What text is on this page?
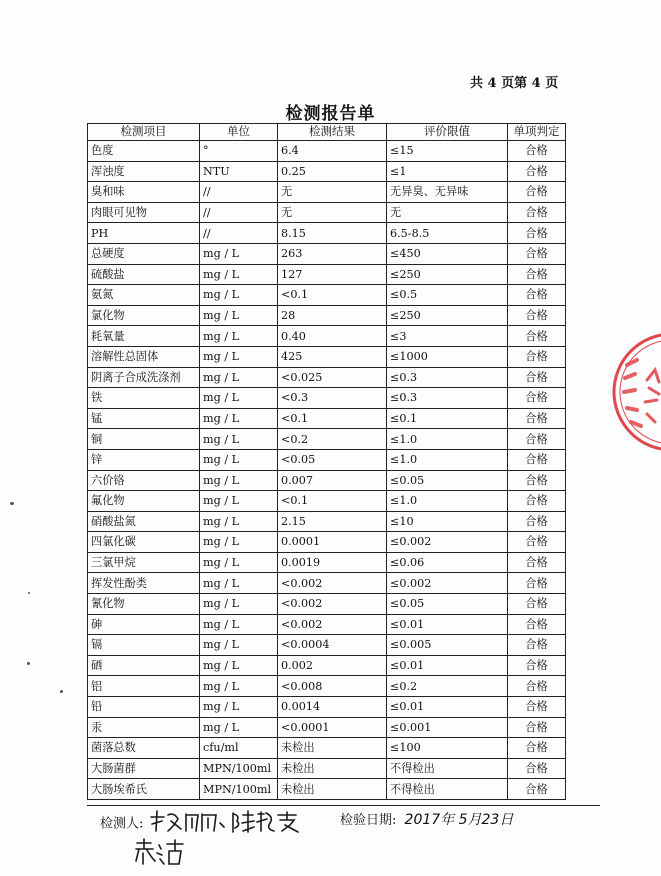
共 4 页第 4 页
检测报告单
检测项目	单位	检测结果	评价限值	单项判定
色度	°	6.4	≤15	合格
浑浊度	NTU	0.25	≤1	合格
臭和味	//	无	无异臭、无异味	合格
肉眼可见物	//	无	无	合格
PH	//	8.15	6.5-8.5	合格
总硬度	mg / L	263	≤450	合格
硫酸盐	mg / L	127	≤250	合格
氨氮	mg / L	<0.1	≤0.5	合格
氯化物	mg / L	28	≤250	合格
耗氧量	mg / L	0.40	≤3	合格
溶解性总固体	mg / L	425	≤1000	合格
阴离子合成洗涤剂	mg / L	<0.025	≤0.3	合格
铁	mg / L	<0.3	≤0.3	合格
锰	mg / L	<0.1	≤0.1	合格
铜	mg / L	<0.2	≤1.0	合格
锌	mg / L	<0.05	≤1.0	合格
六价铬	mg / L	0.007	≤0.05	合格
氟化物	mg / L	<0.1	≤1.0	合格
硝酸盐氮	mg / L	2.15	≤10	合格
四氯化碳	mg / L	0.0001	≤0.002	合格
三氯甲烷	mg / L	0.0019	≤0.06	合格
挥发性酚类	mg / L	<0.002	≤0.002	合格
氰化物	mg / L	<0.002	≤0.05	合格
砷	mg / L	<0.002	≤0.01	合格
镉	mg / L	<0.0004	≤0.005	合格
硒	mg / L	0.002	≤0.01	合格
铝	mg / L	<0.008	≤0.2	合格
铅	mg / L	0.0014	≤0.01	合格
汞	mg / L	<0.0001	≤0.001	合格
菌落总数	cfu/ml	未检出	≤100	合格
大肠菌群	MPN/100ml	未检出	不得检出	合格
大肠埃希氏	MPN/100ml	未检出	不得检出	合格
检测人:	检验日期: 2017年 5月23日
